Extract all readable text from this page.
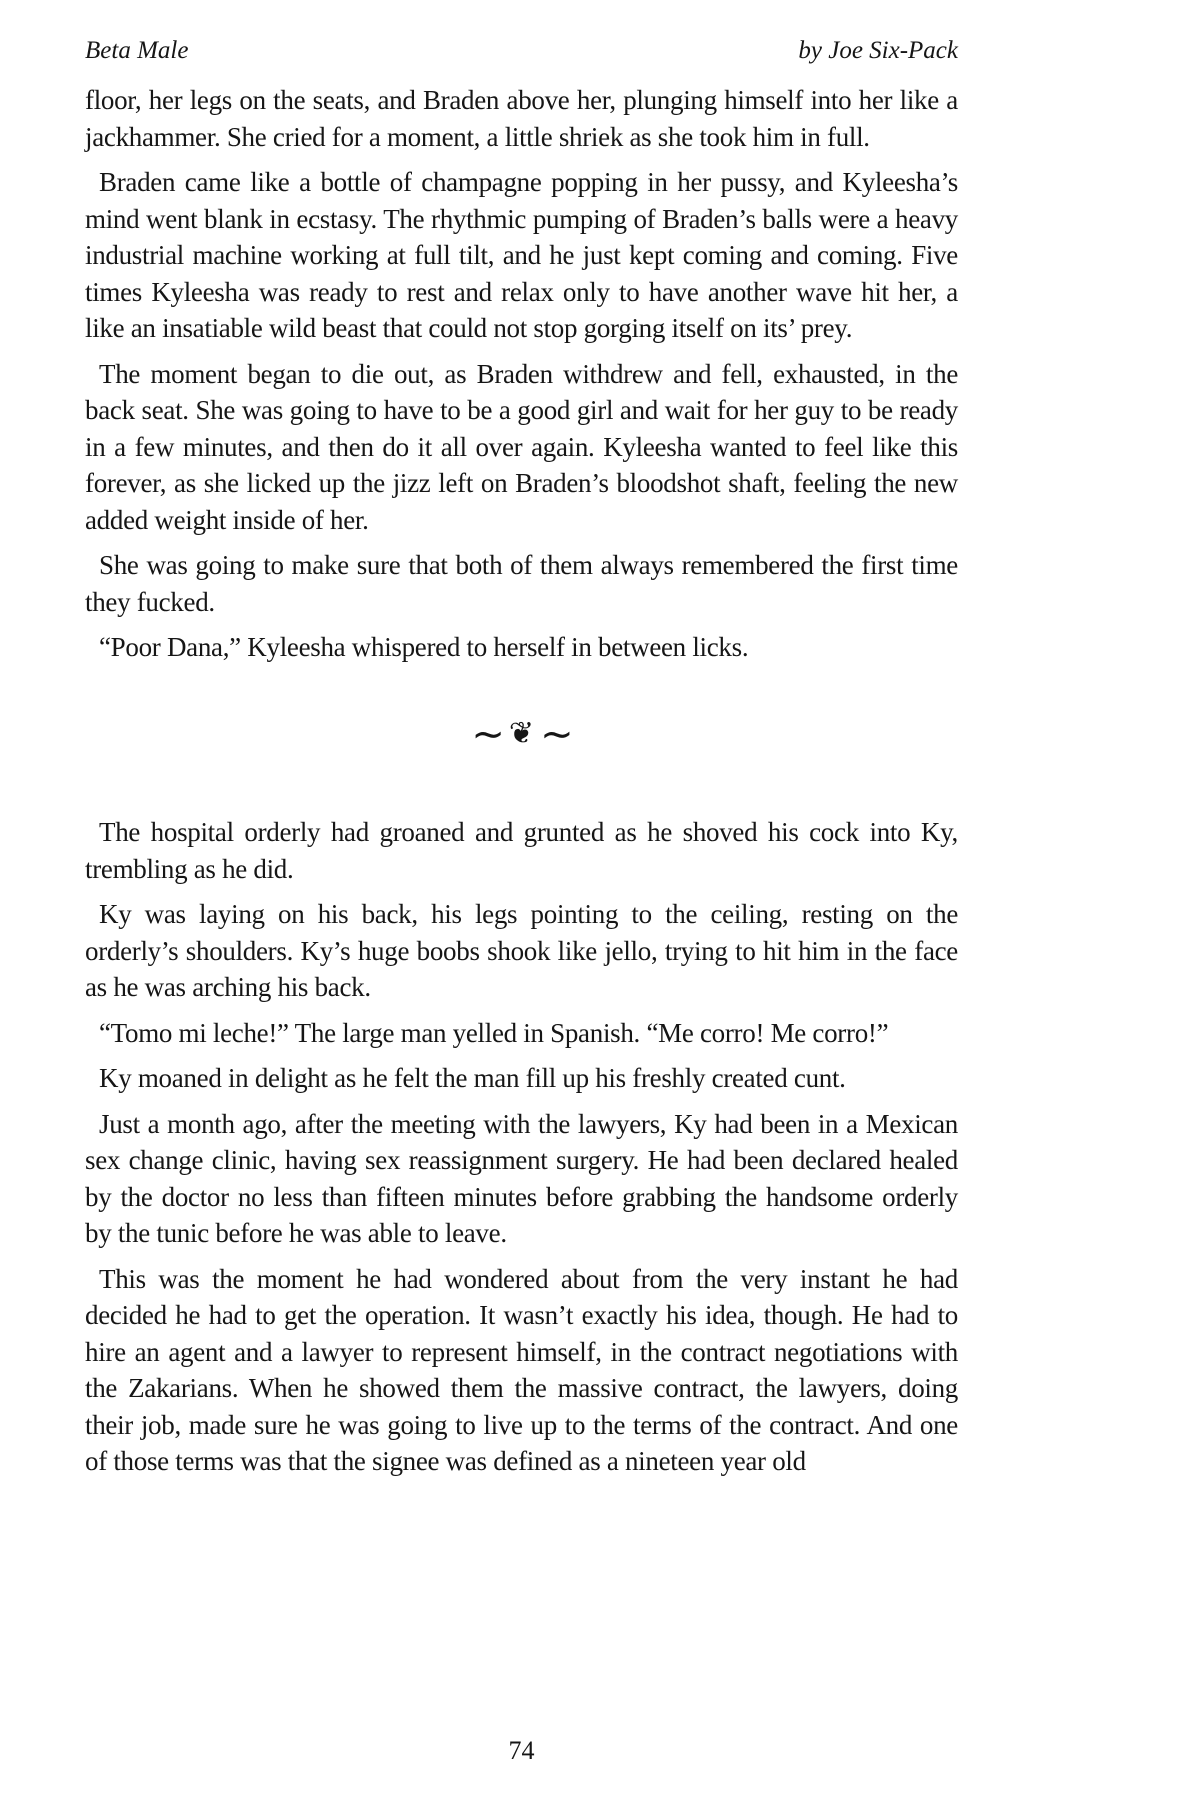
Beta Male	by Joe Six-Pack

floor, her legs on the seats, and Braden above her, plunging himself into her like a jackhammer. She cried for a moment, a little shriek as she took him in full.

Braden came like a bottle of champagne popping in her pussy, and Kyleesha’s mind went blank in ecstasy. The rhythmic pumping of Braden’s balls were a heavy industrial machine working at full tilt, and he just kept coming and coming. Five times Kyleesha was ready to rest and relax only to have another wave hit her, a like an insatiable wild beast that could not stop gorging itself on its’ prey.

The moment began to die out, as Braden withdrew and fell, exhausted, in the back seat. She was going to have to be a good girl and wait for her guy to be ready in a few minutes, and then do it all over again. Kyleesha wanted to feel like this forever, as she licked up the jizz left on Braden’s bloodshot shaft, feeling the new added weight inside of her.

She was going to make sure that both of them always remembered the first time they fucked.

“Poor Dana,” Kyleesha whispered to herself in between licks.

∼ ❦ ∼

The hospital orderly had groaned and grunted as he shoved his cock into Ky, trembling as he did.

Ky was laying on his back, his legs pointing to the ceiling, resting on the orderly’s shoulders. Ky’s huge boobs shook like jello, trying to hit him in the face as he was arching his back.

“Tomo mi leche!” The large man yelled in Spanish. “Me corro! Me corro!”

Ky moaned in delight as he felt the man fill up his freshly created cunt.

Just a month ago, after the meeting with the lawyers, Ky had been in a Mexican sex change clinic, having sex reassignment surgery. He had been declared healed by the doctor no less than fifteen minutes before grabbing the handsome orderly by the tunic before he was able to leave.

This was the moment he had wondered about from the very instant he had decided he had to get the operation. It wasn’t exactly his idea, though. He had to hire an agent and a lawyer to represent himself, in the contract negotiations with the Zakarians. When he showed them the massive contract, the lawyers, doing their job, made sure he was going to live up to the terms of the contract. And one of those terms was that the signee was defined as a nineteen year old

74
